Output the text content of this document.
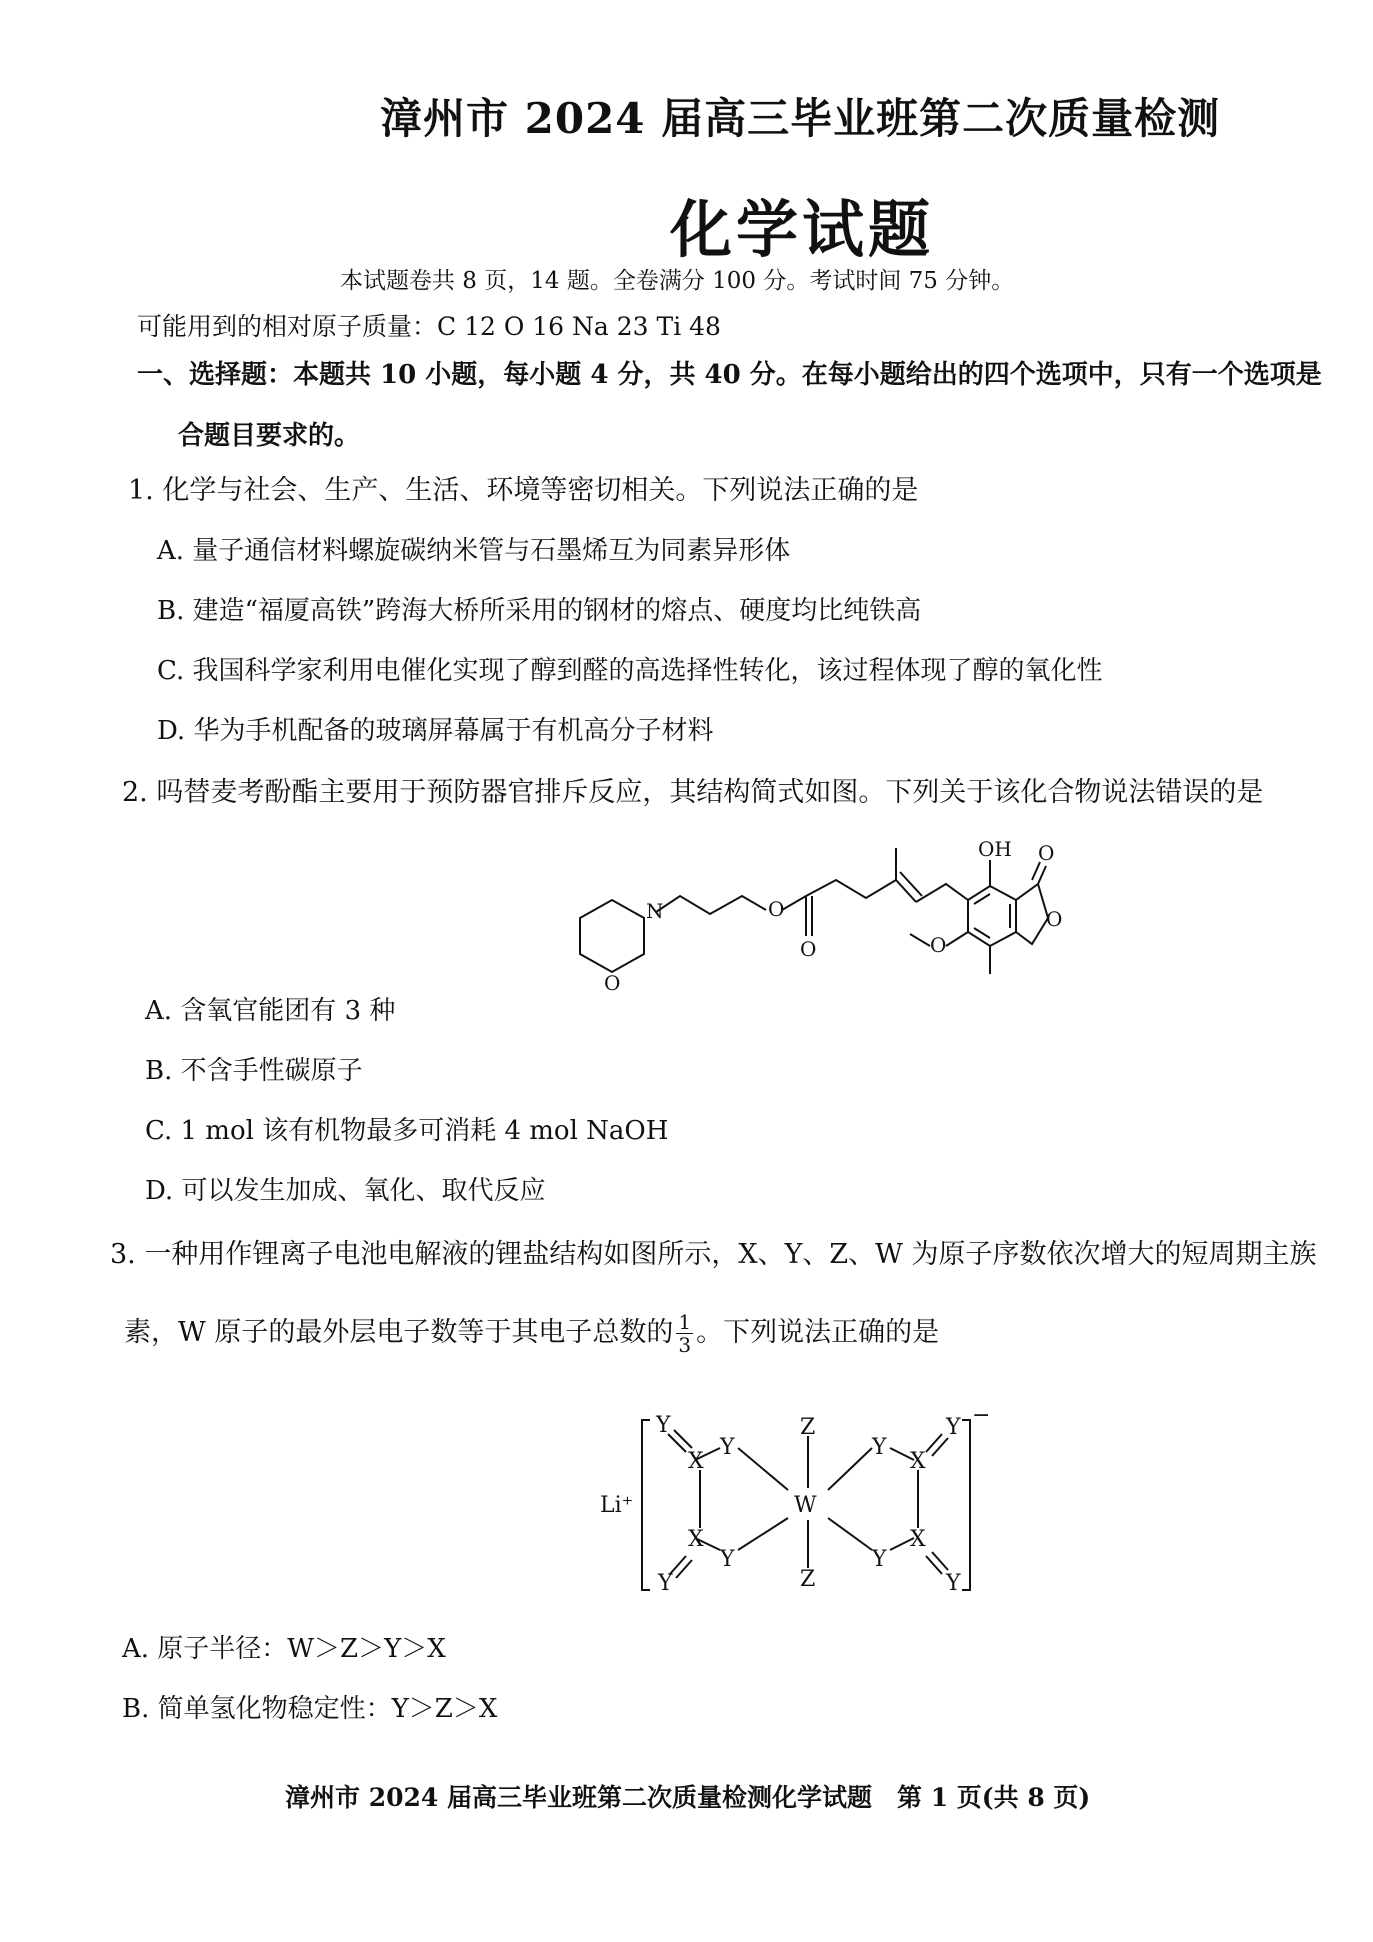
漳州市 2024 届高三毕业班第二次质量检测
化学试题
本试题卷共 8 页，14 题。全卷满分 100 分。考试时间 75 分钟。
可能用到的相对原子质量：C 12 O 16 Na 23 Ti 48
一、选择题：本题共 10 小题，每小题 4 分，共 40 分。在每小题给出的四个选项中，只有一个选项是
合题目要求的。
1. 化学与社会、生产、生活、环境等密切相关。下列说法正确的是
A. 量子通信材料螺旋碳纳米管与石墨烯互为同素异形体
B. 建造“福厦高铁”跨海大桥所采用的钢材的熔点、硬度均比纯铁高
C. 我国科学家利用电催化实现了醇到醛的高选择性转化，该过程体现了醇的氧化性
D. 华为手机配备的玻璃屏幕属于有机高分子材料
2. 吗替麦考酚酯主要用于预防器官排斥反应，其结构简式如图。下列关于该化合物说法错误的是
N
O
O
O
OH O
O
O
A. 含氧官能团有 3 种
B. 不含手性碳原子
C. 1 mol 该有机物最多可消耗 4 mol NaOH
D. 可以发生加成、氧化、取代反应
3. 一种用作锂离子电池电解液的锂盐结构如图所示，X、Y、Z、W 为原子序数依次增大的短周期主族
素，W 原子的最外层电子数等于其电子总数的 $\frac{1}{3}$ 。下列说法正确的是
Li⁺
−
Y
X
Y
Z
W
X
Y
Y
Z
Y
X
Y
Y
X
Y
A. 原子半径：W＞Z＞Y＞X
B. 简单氢化物稳定性：Y＞Z＞X
漳州市 2024 届高三毕业班第二次质量检测化学试题　第 1 页(共 8 页)
